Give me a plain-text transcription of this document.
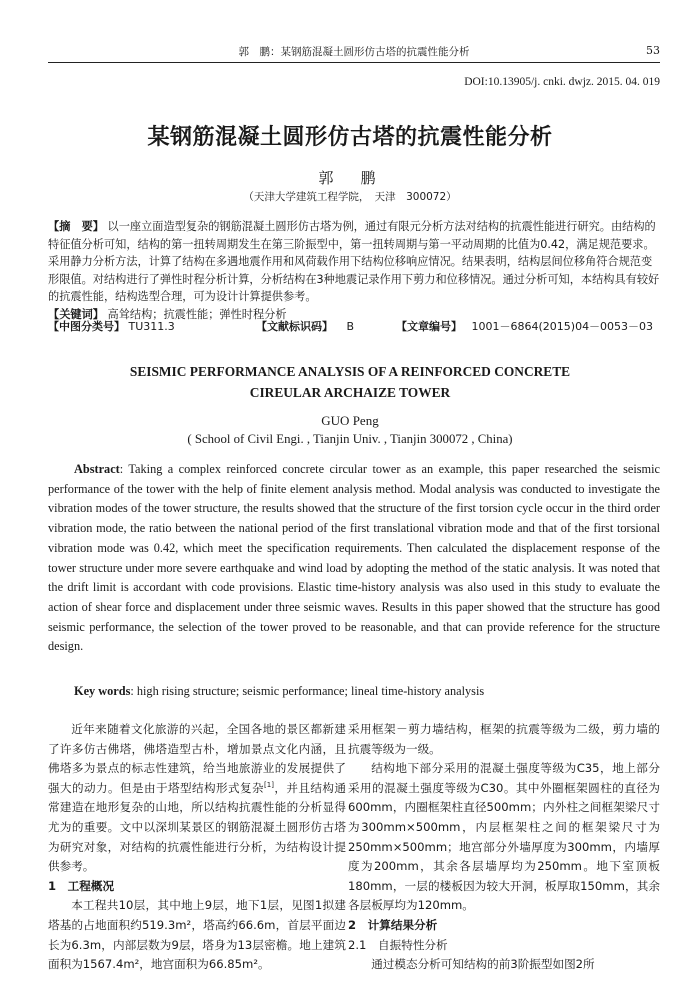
郭　鹏：某钢筋混凝土圆形仿古塔的抗震性能分析	53
DOI:10.13905/j. cnki. dwjz. 2015. 04. 019
某钢筋混凝土圆形仿古塔的抗震性能分析
郭　鹏
（天津大学建筑工程学院，　天津　300072）
【摘　要】 以一座立面造型复杂的钢筋混凝土圆形仿古塔为例，通过有限元分析方法对结构的抗震性能进行研究。由结构的特征值分析可知，结构的第一扭转周期发生在第三阶振型中，第一扭转周期与第一平动周期的比值为0.42，满足规范要求。采用静力分析方法，计算了结构在多遇地震作用和风荷载作用下结构位移响应情况。结果表明，结构层间位移角符合规范变形限值。对结构进行了弹性时程分析计算，分析结构在3种地震记录作用下剪力和位移情况。通过分析可知，本结构具有较好的抗震性能，结构选型合理，可为设计计算提供参考。
【关键词】 高耸结构；抗震性能；弹性时程分析
【中图分类号】 TU311.3	【文献标识码】 B	【文章编号】 1001－6864(2015)04－0053－03
SEISMIC PERFORMANCE ANALYSIS OF A REINFORCED CONCRETE
CIREULAR ARCHAIZE TOWER
GUO Peng
( School of Civil Engi. , Tianjin Univ. , Tianjin 300072 , China)
Abstract: Taking a complex reinforced concrete circular tower as an example, this paper researched the seismic performance of the tower with the help of finite element analysis method. Modal analysis was conducted to investigate the vibration modes of the tower structure, the results showed that the structure of the first torsion cycle occur in the third order vibration mode, the ratio between the national period of the first translational vibration mode and that of the first torsional vibration mode was 0.42, which meet the specification requirements. Then calculated the displacement response of the tower structure under more severe earthquake and wind load by adopting the method of the static analysis. It was noted that the drift limit is accordant with code provisions. Elastic time-history analysis was also used in this study to evaluate the action of shear force and displacement under three seismic waves. Results in this paper showed that the structure has good seismic performance, the selection of the tower proved to be reasonable, and that can provide reference for the structure design.
Key words: high rising structure; seismic performance; lineal time-history analysis

近年来随着文化旅游的兴起，全国各地的景区都新建了许多仿古佛塔，佛塔造型古朴，增加景点文化内涵，且佛塔多为景点的标志性建筑，给当地旅游业的发展提供了强大的动力。但是由于塔型结构形式复杂[1]，并且结构通常建造在地形复杂的山地，所以结构抗震性能的分析显得尤为的重要。文中以深圳某景区的钢筋混凝土圆形仿古塔为研究对象，对结构的抗震性能进行分析，为结构设计提供参考。

1　工程概况

本工程共10层，其中地上9层，地下1层，见图1拟建塔基的占地面积约519.3m²，塔高约66.6m，首层平面边长为6.3m，内部层数为9层，塔身为13层密檐。地上建筑面积为1567.4m²，地宫面积为66.85m²。

采用框架－剪力墙结构，框架的抗震等级为二级，剪力墙的抗震等级为一级。

结构地下部分采用的混凝土强度等级为C35，地上部分采用的混凝土强度等级为C30。其中外圈框架圆柱的直径为600mm，内圈框架柱直径500mm；内外柱之间框架梁尺寸为300mm×500mm，内层框架柱之间的框架梁尺寸为250mm×500mm；地宫部分外墙厚度为300mm，内墙厚度为200mm，其余各层墙厚均为250mm。地下室顶板180mm，一层的楼板因为较大开洞，板厚取150mm，其余各层板厚均为120mm。

2　计算结果分析

2.1　自振特性分析

通过模态分析可知结构的前3阶振型如图2所
